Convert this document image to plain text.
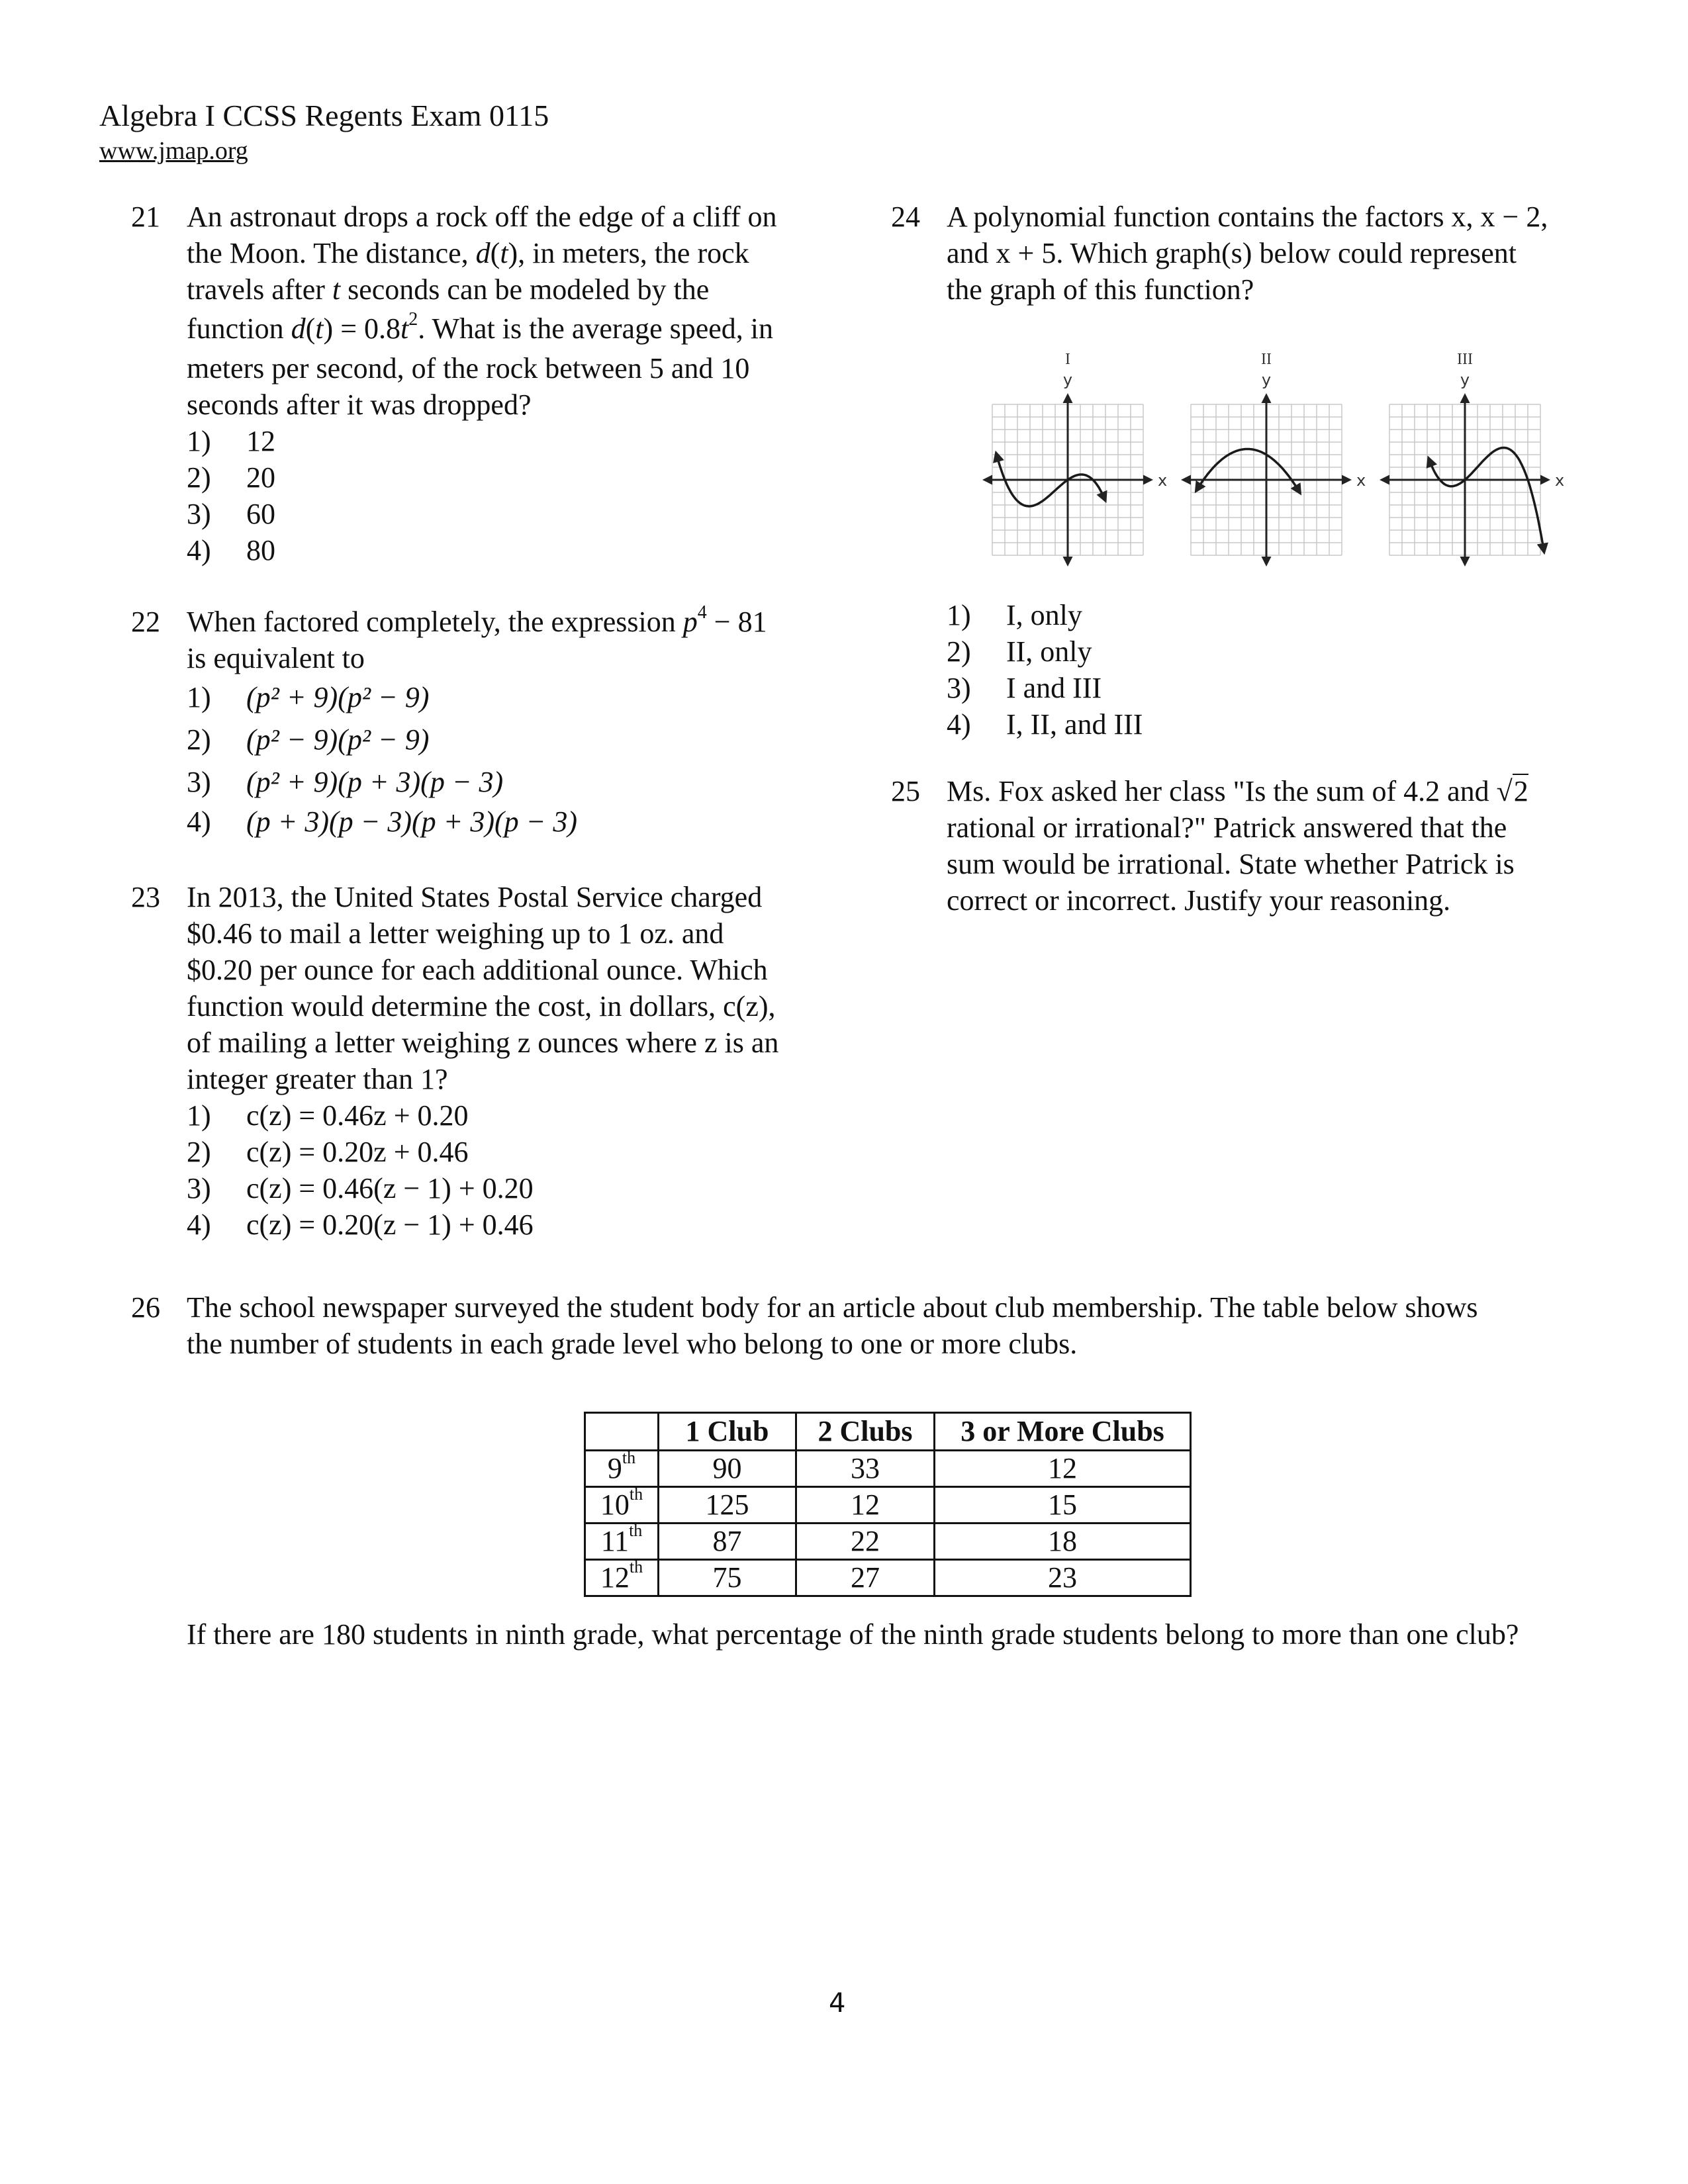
Algebra I CCSS Regents Exam 0115
www.jmap.org
21 An astronaut drops a rock off the edge of a cliff on
the Moon. The distance, d(t), in meters, the rock
travels after t seconds can be modeled by the
function $d(t) = 0.8t^2$. What is the average speed, in
meters per second, of the rock between 5 and 10
seconds after it was dropped?
1) 12
2) 20
3) 60
4) 80
22 When factored completely, the expression $p^4 - 81$
is equivalent to
1) (p² + 9)(p² − 9)
2) (p² − 9)(p² − 9)
3) (p² + 9)(p + 3)(p − 3)
4) (p + 3)(p − 3)(p + 3)(p − 3)
23 In 2013, the United States Postal Service charged
$0.46 to mail a letter weighing up to 1 oz. and
$0.20 per ounce for each additional ounce. Which
function would determine the cost, in dollars, c(z),
of mailing a letter weighing z ounces where z is an
integer greater than 1?
1) c(z) = 0.46z + 0.20
2) c(z) = 0.20z + 0.46
3) c(z) = 0.46(z − 1) + 0.20
4) c(z) = 0.20(z − 1) + 0.46
24 A polynomial function contains the factors x, x − 2,
and x + 5. Which graph(s) below could represent
the graph of this function?
I
y
x
II
y
x
III
y
x
1) I, only
2) II, only
3) I and III
4) I, II, and III
25 Ms. Fox asked her class "Is the sum of 4.2 and √2
rational or irrational?" Patrick answered that the
sum would be irrational. State whether Patrick is
correct or incorrect. Justify your reasoning.
26 The school newspaper surveyed the student body for an article about club membership. The table below shows
the number of students in each grade level who belong to one or more clubs.
	1 Club	2 Clubs	3 or More Clubs
9th	90	33	12
10th	125	12	15
11th	87	22	18
12th	75	27	23
If there are 180 students in ninth grade, what percentage of the ninth grade students belong to more than one club?
4
